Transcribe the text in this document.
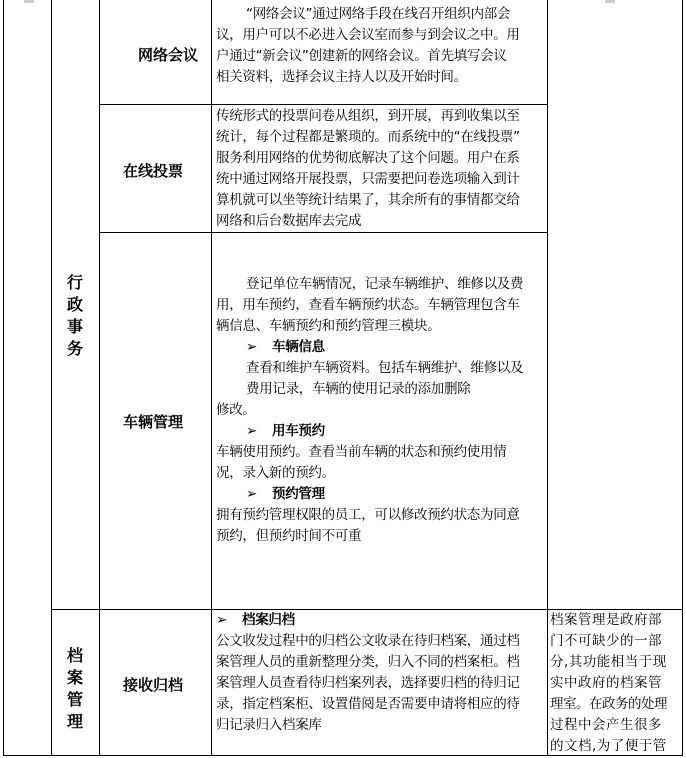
行政事务
档案管理
网络会议
“网络会议”通过网络手段在线召开组织内部会
议，用户可以不必进入会议室而参与到会议之中。用
户通过“新会议”创建新的网络会议。首先填写会议
相关资料，选择会议主持人以及开始时间。
在线投票
传统形式的投票问卷从组织，到开展，再到收集以至
统计，每个过程都是繁琐的。而系统中的“在线投票”
服务利用网络的优势彻底解决了这个问题。用户在系
统中通过网络开展投票，只需要把问卷选项输入到计
算机就可以坐等统计结果了，其余所有的事情都交给
网络和后台数据库去完成
车辆管理
登记单位车辆情况，记录车辆维护、维修以及费
用，用车预约，查看车辆预约状态。车辆管理包含车
辆信息、车辆预约和预约管理三模块。
➢ 车辆信息
查看和维护车辆资料。包括车辆维护、维修以及
费用记录，车辆的使用记录的添加删除
修改。
➢ 用车预约
车辆使用预约。查看当前车辆的状态和预约使用情
况，录入新的预约。
➢ 预约管理
拥有预约管理权限的员工，可以修改预约状态为同意
预约，但预约时间不可重
接收归档
➢ 档案归档
公文收发过程中的归档公文收录在待归档案，通过档
案管理人员的重新整理分类，归入不同的档案柜。档
案管理人员查看待归档案列表，选择要归档的待归记
录，指定档案柜、设置借阅是否需要申请将相应的待
归记录归入档案库
档案管理是政府部
门不可缺少的一部
分,其功能相当于现
实中政府的档案管
理室。在政务的处理
过程中会产生很多
的文档,为了便于管
